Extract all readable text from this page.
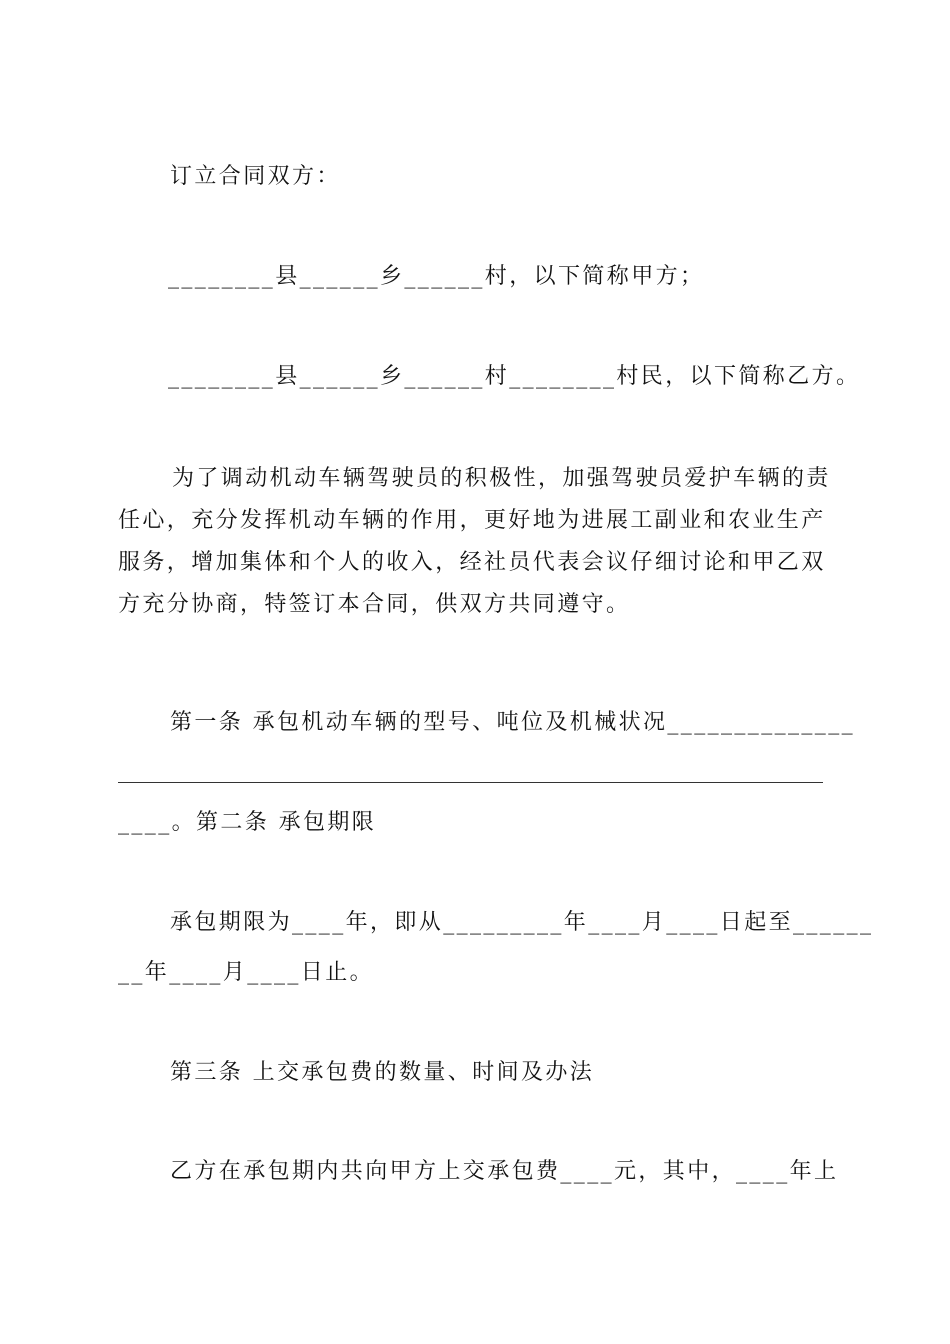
订立合同双方：
________县______乡______村，以下简称甲方；
________县______乡______村________村民，以下简称乙方。
为了调动机动车辆驾驶员的积极性，加强驾驶员爱护车辆的责任心，充分发挥机动车辆的作用，更好地为进展工副业和农业生产服务，增加集体和个人的收入，经社员代表会议仔细讨论和甲乙双方充分协商，特签订本合同，供双方共同遵守。
第一条 承包机动车辆的型号、吨位及机械状况______________
____。第二条 承包期限
承包期限为____年，即从_________年____月____日起至______
__年____月____日止。
第三条 上交承包费的数量、时间及办法
乙方在承包期内共向甲方上交承包费____元，其中，____年上
